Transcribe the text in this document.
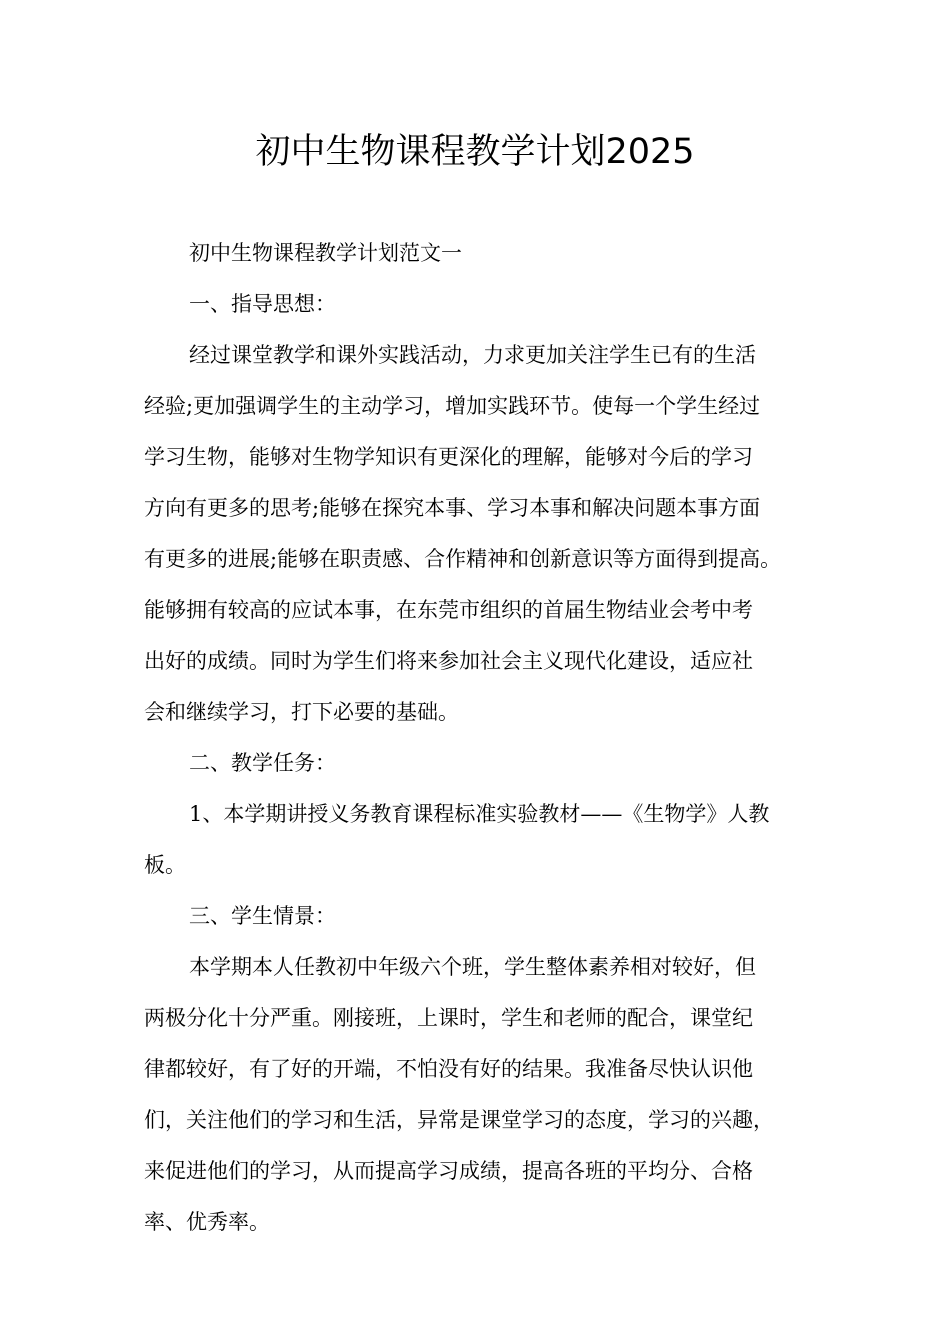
初中生物课程教学计划2025
初中生物课程教学计划范文一
一、指导思想：
经过课堂教学和课外实践活动，力求更加关注学生已有的生活
经验;更加强调学生的主动学习，增加实践环节。使每一个学生经过
学习生物，能够对生物学知识有更深化的理解，能够对今后的学习
方向有更多的思考;能够在探究本事、学习本事和解决问题本事方面
有更多的进展;能够在职责感、合作精神和创新意识等方面得到提高。
能够拥有较高的应试本事，在东莞市组织的首届生物结业会考中考
出好的成绩。同时为学生们将来参加社会主义现代化建设，适应社
会和继续学习，打下必要的基础。
二、教学任务：
1、本学期讲授义务教育课程标准实验教材——《生物学》人教
板。
三、学生情景：
本学期本人任教初中年级六个班，学生整体素养相对较好，但
两极分化十分严重。刚接班，上课时，学生和老师的配合，课堂纪
律都较好，有了好的开端，不怕没有好的结果。我准备尽快认识他
们，关注他们的学习和生活，异常是课堂学习的态度，学习的兴趣，
来促进他们的学习，从而提高学习成绩，提高各班的平均分、合格
率、优秀率。
